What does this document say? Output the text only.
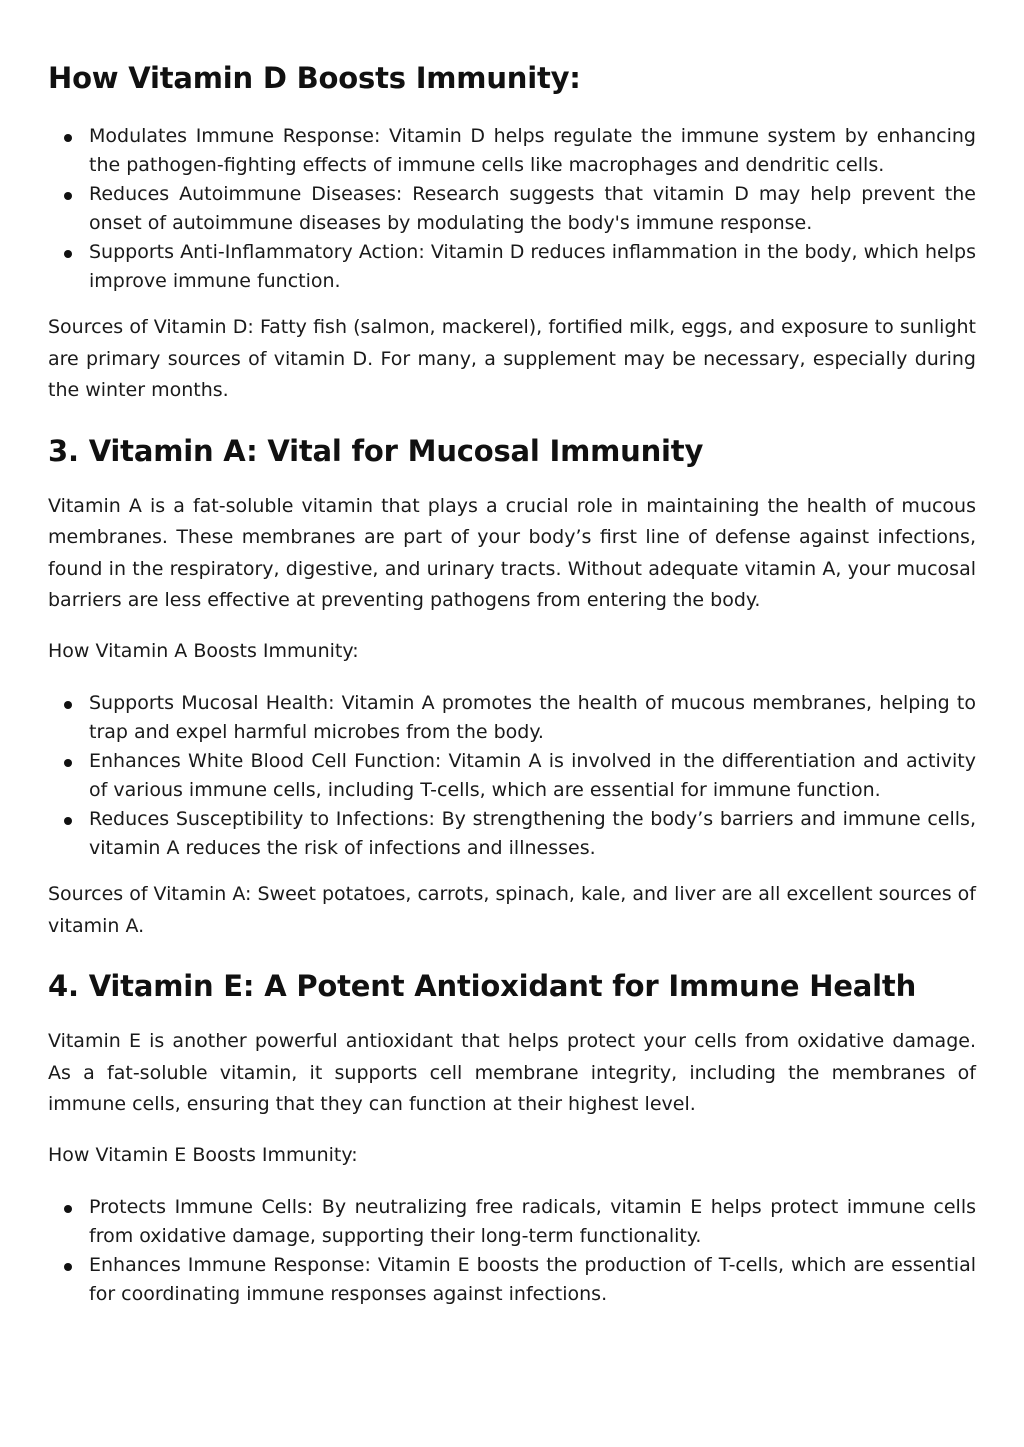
How Vitamin D Boosts Immunity:
Modulates Immune Response: Vitamin D helps regulate the immune system by enhancing the pathogen-fighting effects of immune cells like macrophages and dendritic cells.
Reduces Autoimmune Diseases: Research suggests that vitamin D may help prevent the onset of autoimmune diseases by modulating the body's immune response.
Supports Anti-Inflammatory Action: Vitamin D reduces inflammation in the body, which helps improve immune function.

Sources of Vitamin D: Fatty fish (salmon, mackerel), fortified milk, eggs, and exposure to sunlight are primary sources of vitamin D. For many, a supplement may be necessary, especially during the winter months.

3. Vitamin A: Vital for Mucosal Immunity

Vitamin A is a fat-soluble vitamin that plays a crucial role in maintaining the health of mucous membranes. These membranes are part of your body’s first line of defense against infections, found in the respiratory, digestive, and urinary tracts. Without adequate vitamin A, your mucosal barriers are less effective at preventing pathogens from entering the body.

How Vitamin A Boosts Immunity:

Supports Mucosal Health: Vitamin A promotes the health of mucous membranes, helping to trap and expel harmful microbes from the body.
Enhances White Blood Cell Function: Vitamin A is involved in the differentiation and activity of various immune cells, including T-cells, which are essential for immune function.
Reduces Susceptibility to Infections: By strengthening the body’s barriers and immune cells, vitamin A reduces the risk of infections and illnesses.

Sources of Vitamin A: Sweet potatoes, carrots, spinach, kale, and liver are all excellent sources of vitamin A.

4. Vitamin E: A Potent Antioxidant for Immune Health

Vitamin E is another powerful antioxidant that helps protect your cells from oxidative damage. As a fat-soluble vitamin, it supports cell membrane integrity, including the membranes of immune cells, ensuring that they can function at their highest level.

How Vitamin E Boosts Immunity:

Protects Immune Cells: By neutralizing free radicals, vitamin E helps protect immune cells from oxidative damage, supporting their long-term functionality.
Enhances Immune Response: Vitamin E boosts the production of T-cells, which are essential for coordinating immune responses against infections.
